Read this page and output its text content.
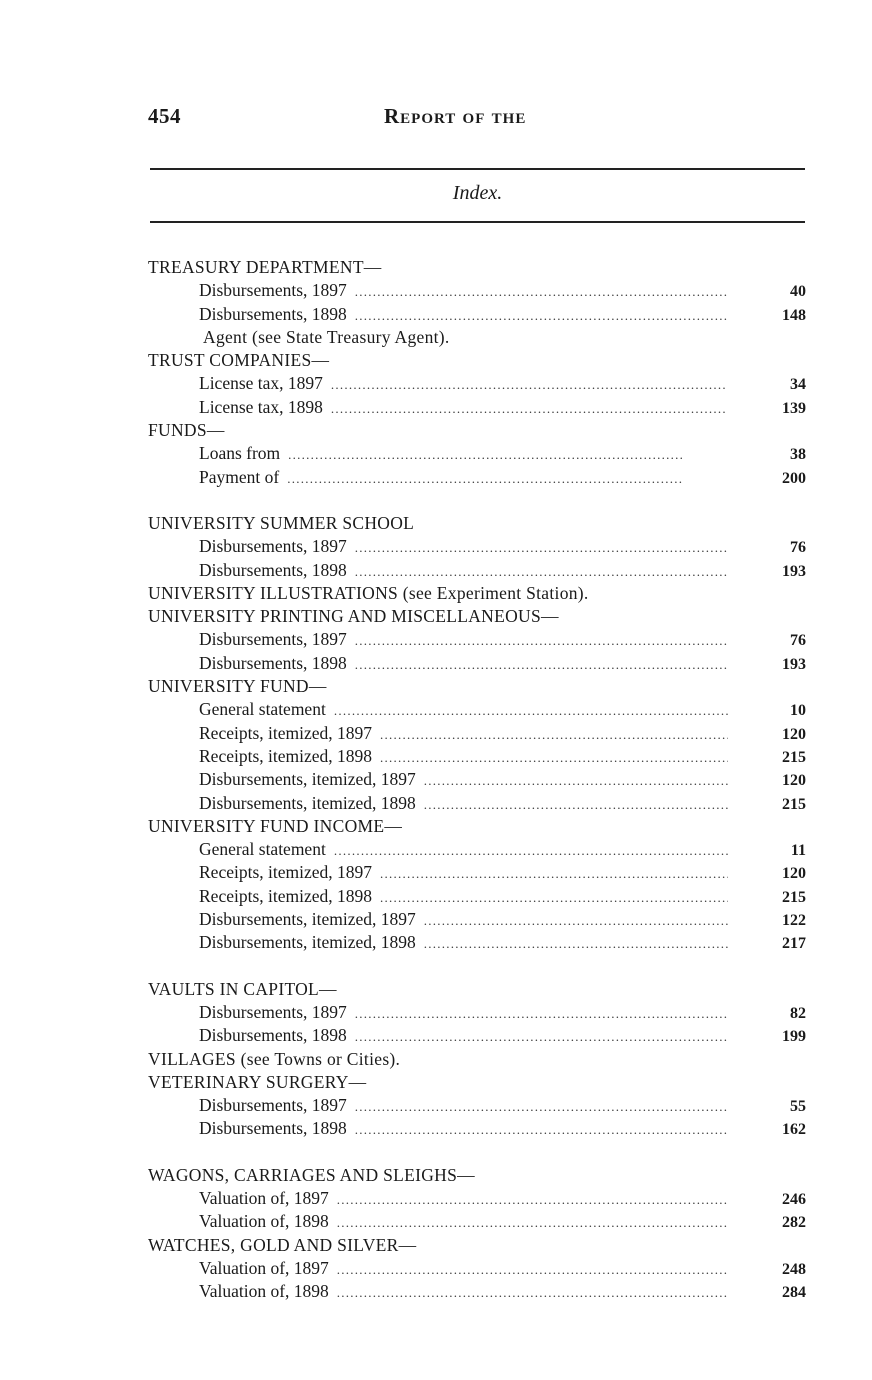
454	Report of the
Index.
TREASURY DEPARTMENT—
Disbursements, 1897 . . .	40
Disbursements, 1898 . . .	148
Agent (see State Treasury Agent).
TRUST COMPANIES—
License tax, 1897 . . .	34
License tax, 1898 . . .	139
FUNDS—
Loans from . . .	38
Payment of . . .	200
UNIVERSITY SUMMER SCHOOL
Disbursements, 1897 . . .	76
Disbursements, 1898 . . .	193
UNIVERSITY ILLUSTRATIONS (see Experiment Station).
UNIVERSITY PRINTING AND MISCELLANEOUS—
Disbursements, 1897 . . .	76
Disbursements, 1898 . . .	193
UNIVERSITY FUND—
General statement . . .	10
Receipts, itemized, 1897 . . .	120
Receipts, itemized, 1898 . . .	215
Disbursements, itemized, 1897 . . .	120
Disbursements, itemized, 1898 . . .	215
UNIVERSITY FUND INCOME—
General statement . . .	11
Receipts, itemized, 1897 . . .	120
Receipts, itemized, 1898 . . .	215
Disbursements, itemized, 1897 . . .	122
Disbursements, itemized, 1898 . . .	217
VAULTS IN CAPITOL—
Disbursements, 1897 . . .	82
Disbursements, 1898 . . .	199
VILLAGES (see Towns or Cities).
VETERINARY SURGERY—
Disbursements, 1897 . . .	55
Disbursements, 1898 . . .	162
WAGONS, CARRIAGES AND SLEIGHS—
Valuation of, 1897 . . .	246
Valuation of, 1898 . . .	282
WATCHES, GOLD AND SILVER—
Valuation of, 1897 . . .	248
Valuation of, 1898 . . .	284
